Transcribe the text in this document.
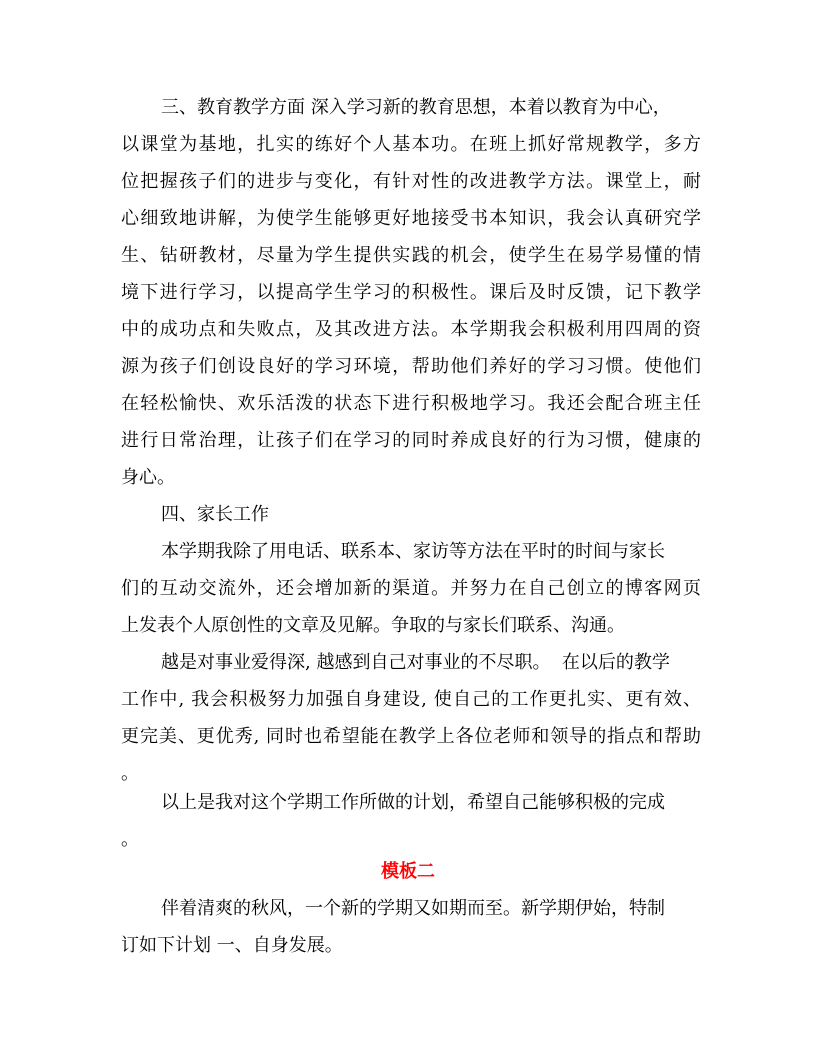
三、教育教学方面 深入学习新的教育思想，本着以教育为中心，
以课堂为基地，扎实的练好个人基本功。在班上抓好常规教学，多方
位把握孩子们的进步与变化，有针对性的改进教学方法。课堂上，耐
心细致地讲解，为使学生能够更好地接受书本知识，我会认真研究学
生、钻研教材，尽量为学生提供实践的机会，使学生在易学易懂的情
境下进行学习，以提高学生学习的积极性。课后及时反馈，记下教学
中的成功点和失败点，及其改进方法。本学期我会积极利用四周的资
源为孩子们创设良好的学习环境，帮助他们养好的学习习惯。使他们
在轻松愉快、欢乐活泼的状态下进行积极地学习。我还会配合班主任
进行日常治理，让孩子们在学习的同时养成良好的行为习惯，健康的
身心。
四、家长工作
本学期我除了用电话、联系本、家访等方法在平时的时间与家长
们的互动交流外，还会增加新的渠道。并努力在自己创立的博客网页
上发表个人原创性的文章及见解。争取的与家长们联系、沟通。
越是对事业爱得深, 越感到自己对事业的不尽职。  在以后的教学
工作中, 我会积极努力加强自身建设, 使自己的工作更扎实、更有效、
更完美、更优秀, 同时也希望能在教学上各位老师和领导的指点和帮助
。
以上是我对这个学期工作所做的计划，希望自己能够积极的完成
。
模板二
伴着清爽的秋风，一个新的学期又如期而至。新学期伊始，特制
订如下计划 一、自身发展。
